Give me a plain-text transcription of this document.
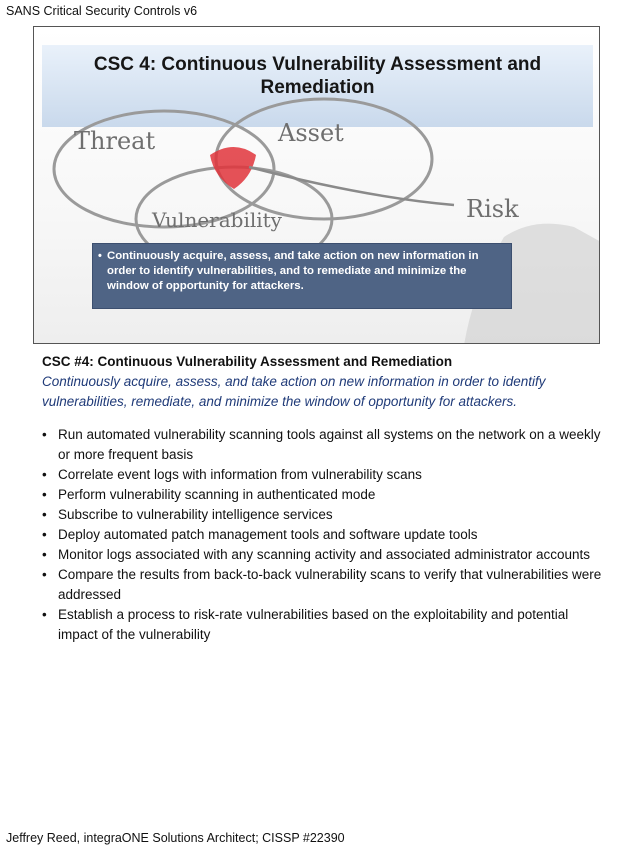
SANS Critical Security Controls v6
CSC 4: Continuous Vulnerability Assessment and
Remediation
Threat	Asset
Vulnerability	Risk
• Continuously acquire, assess, and take action on new information in
order to identify vulnerabilities, and to remediate and minimize the
window of opportunity for attackers.
CSC #4: Continuous Vulnerability Assessment and Remediation
Continuously acquire, assess, and take action on new information in order to identify vulnerabilities, remediate, and minimize the window of opportunity for attackers.
• Run automated vulnerability scanning tools against all systems on the network on a weekly or more frequent basis
• Correlate event logs with information from vulnerability scans
• Perform vulnerability scanning in authenticated mode
• Subscribe to vulnerability intelligence services
• Deploy automated patch management tools and software update tools
• Monitor logs associated with any scanning activity and associated administrator accounts
• Compare the results from back-to-back vulnerability scans to verify that vulnerabilities were addressed
• Establish a process to risk-rate vulnerabilities based on the exploitability and potential impact of the vulnerability
Jeffrey Reed, integraONE Solutions Architect; CISSP #22390
